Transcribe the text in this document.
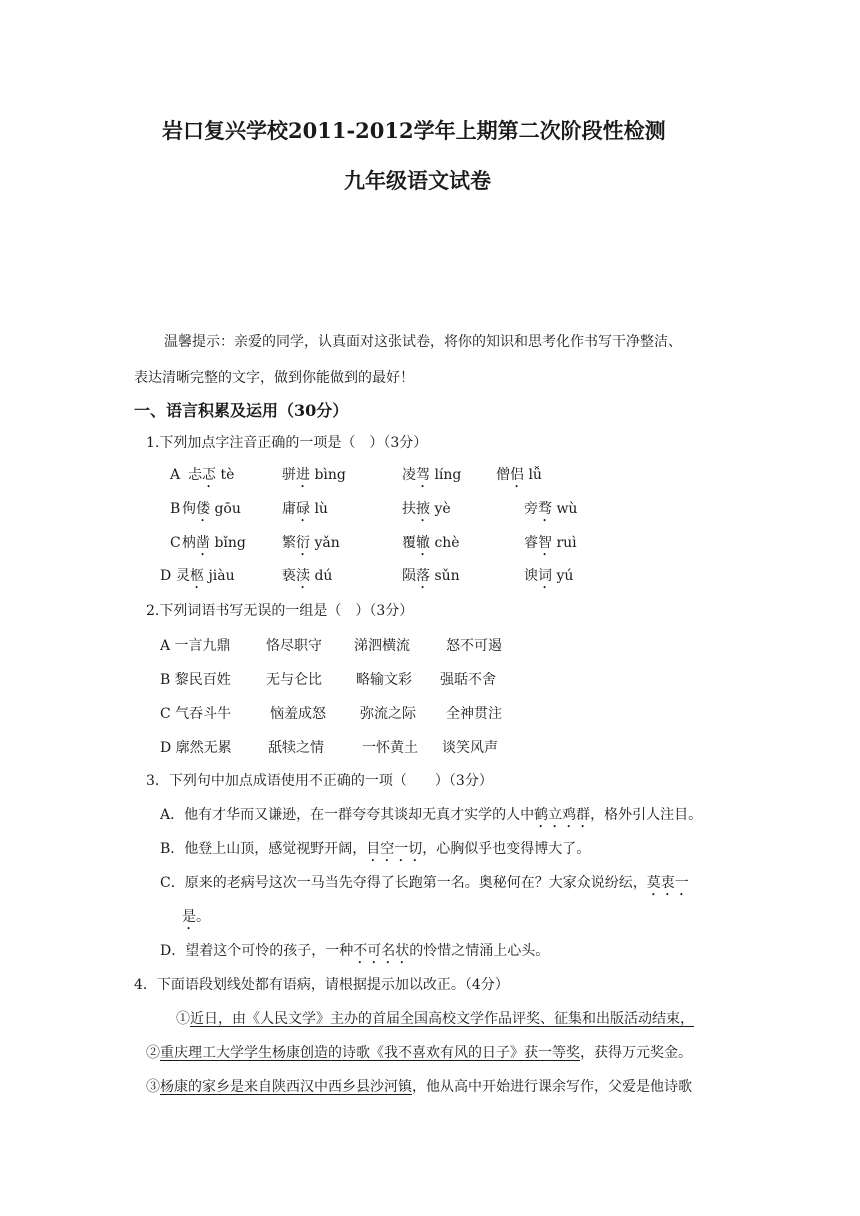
岩口复兴学校2011-2012学年上期第二次阶段性检测
九年级语文试卷
温馨提示：亲爱的同学，认真面对这张试卷，将你的知识和思考化作书写干净整洁、
表达清晰完整的文字，做到你能做到的最好！
一、语言积累及运用（30分）
1.下列加点字注音正确的一项是（　）（3分）
A 忐忑 tè	骈进 bìng	凌驾 líng 僧侣 lǚ
B 佝偻 gōu	庸碌 lù	扶掖 yè	旁骛 wù
C 枘凿 bǐng	繁衍 yǎn	覆辙 chè	睿智 ruì
D 灵柩 jiàu	亵渎 dú	陨落 sǔn	谀词 yú
2.下列词语书写无误的一组是（　）（3分）
A 一言九鼎	恪尽职守 涕泗横流	怒不可遏
B 黎民百姓	无与仑比 略输文彩 强聒不舍
C 气吞斗牛	恼羞成怒 弥流之际 全神贯注
D 廓然无累	舐犊之情	一怀黄土 谈笑风声
3．下列句中加点成语使用不正确的一项（　　）（3分）
A．他有才华而又谦逊，在一群夸夸其谈却无真才实学的人中鹤立鸡群，格外引人注目。
B．他登上山顶，感觉视野开阔，目空一切，心胸似乎也变得博大了。
C．原来的老病号这次一马当先夺得了长跑第一名。奥秘何在？大家众说纷纭，莫衷一
是。
D．望着这个可怜的孩子，一种不可名状的怜惜之情涌上心头。
4．下面语段划线处都有语病，请根据提示加以改正。（4分）
①近日，由《人民文学》主办的首届全国高校文学作品评奖、征集和出版活动结束，
②重庆理工大学学生杨康创造的诗歌《我不喜欢有风的日子》获一等奖，获得万元奖金。
③杨康的家乡是来自陕西汉中西乡县沙河镇，他从高中开始进行课余写作，父爱是他诗歌
